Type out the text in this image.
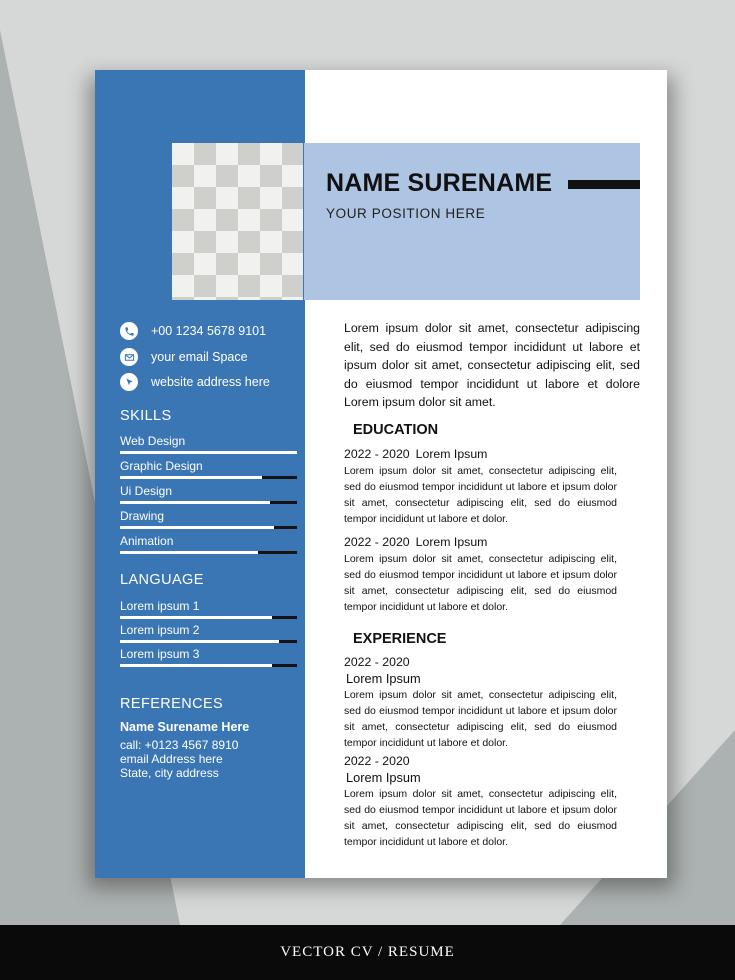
+00 1234 5678 9101
your email Space
website address here
SKILLS
Web Design
Graphic Design
Ui Design
Drawing
Animation
LANGUAGE
Lorem ipsum 1
Lorem ipsum 2
Lorem ipsum 3
REFERENCES
Name Surename Here
call: +0123 4567 8910
email Address here
State, city address
NAME SURENAME
YOUR POSITION HERE
Lorem ipsum dolor sit amet, consectetur adipiscing elit, sed do eiusmod tempor incididunt ut labore et ipsum dolor sit amet, consectetur adipiscing elit, sed do eiusmod tempor incididunt ut labore et dolore Lorem ipsum dolor sit amet.
EDUCATION
2022 - 2020 Lorem Ipsum
Lorem ipsum dolor sit amet, consectetur adipiscing elit, sed do eiusmod tempor incididunt ut labore et ipsum dolor sit amet, consectetur adipiscing elit, sed do eiusmod tempor incididunt ut labore et dolor.
2022 - 2020 Lorem Ipsum
Lorem ipsum dolor sit amet, consectetur adipiscing elit, sed do eiusmod tempor incididunt ut labore et ipsum dolor sit amet, consectetur adipiscing elit, sed do eiusmod tempor incididunt ut labore et dolor.
EXPERIENCE
2022 - 2020
Lorem Ipsum
Lorem ipsum dolor sit amet, consectetur adipiscing elit, sed do eiusmod tempor incididunt ut labore et ipsum dolor sit amet, consectetur adipiscing elit, sed do eiusmod tempor incididunt ut labore et dolor.
2022 - 2020
Lorem Ipsum
Lorem ipsum dolor sit amet, consectetur adipiscing elit, sed do eiusmod tempor incididunt ut labore et ipsum dolor sit amet, consectetur adipiscing elit, sed do eiusmod tempor incididunt ut labore et dolor.
VECTOR CV / RESUME
